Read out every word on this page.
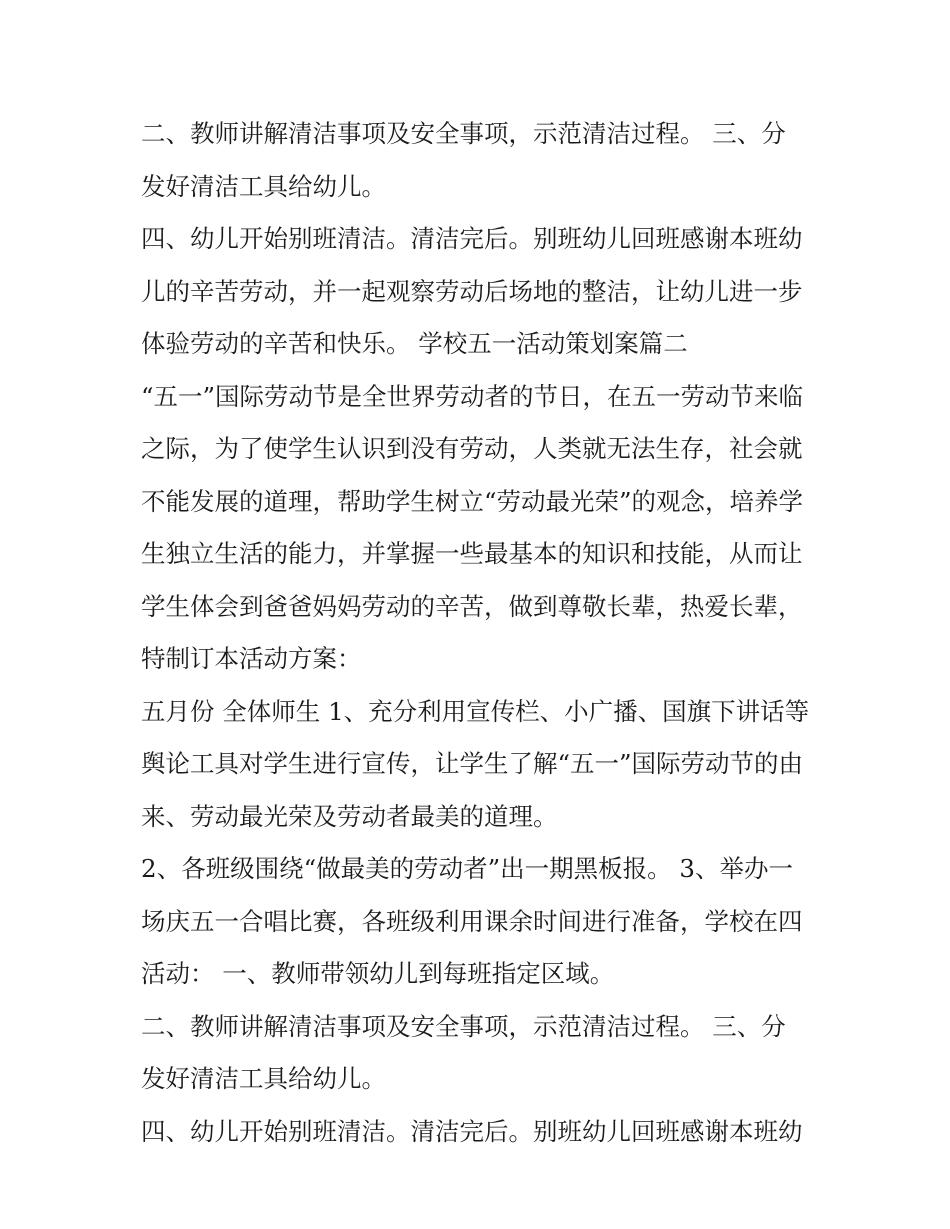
二、教师讲解清洁事项及安全事项，示范清洁过程。 三、分
发好清洁工具给幼儿。
四、幼儿开始别班清洁。清洁完后。别班幼儿回班感谢本班幼
儿的辛苦劳动，并一起观察劳动后场地的整洁，让幼儿进一步
体验劳动的辛苦和快乐。 学校五一活动策划案篇二
“五一”国际劳动节是全世界劳动者的节日，在五一劳动节来临
之际，为了使学生认识到没有劳动，人类就无法生存，社会就
不能发展的道理，帮助学生树立“劳动最光荣”的观念，培养学
生独立生活的能力，并掌握一些最基本的知识和技能，从而让
学生体会到爸爸妈妈劳动的辛苦，做到尊敬长辈，热爱长辈，
特制订本活动方案：
五月份 全体师生 1、充分利用宣传栏、小广播、国旗下讲话等
舆论工具对学生进行宣传，让学生了解“五一”国际劳动节的由
来、劳动最光荣及劳动者最美的道理。
2、各班级围绕“做最美的劳动者”出一期黑板报。 3、举办一
场庆五一合唱比赛，各班级利用课余时间进行准备，学校在四
活动： 一、教师带领幼儿到每班指定区域。
二、教师讲解清洁事项及安全事项，示范清洁过程。 三、分
发好清洁工具给幼儿。
四、幼儿开始别班清洁。清洁完后。别班幼儿回班感谢本班幼
